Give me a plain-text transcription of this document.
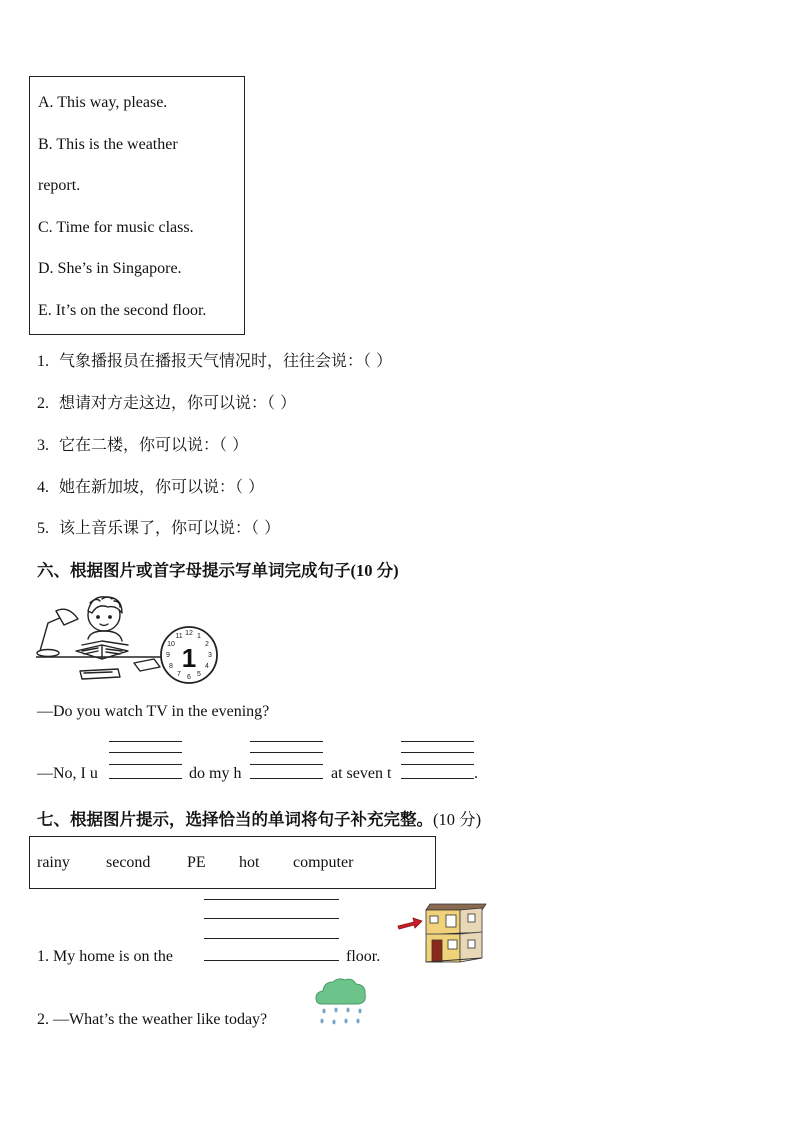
A. This way, please.
B. This is the weather
report.
C. Time for music class.
D. She’s in Singapore.
E. It’s on the second floor.
1. 气象播报员在播报天气情况时，往往会说：（ ）
2. 想请对方走这边，你可以说：（ ）
3. 它在二楼，你可以说：（ ）
4. 她在新加坡，你可以说：（ ）
5. 该上音乐课了，你可以说：（ ）
六、根据图片或首字母提示写单词完成句子(10 分)
12 1
2
3
4
5
6
7
8
9
10
11
1
—Do you watch TV in the evening?
—No, I u	do my h	at seven t	.
七、根据图片提示，选择恰当的单词将句子补充完整。(10 分)
rainy second PE hot computer
1. My home is on the	floor.
2. —What’s the weather like today?
